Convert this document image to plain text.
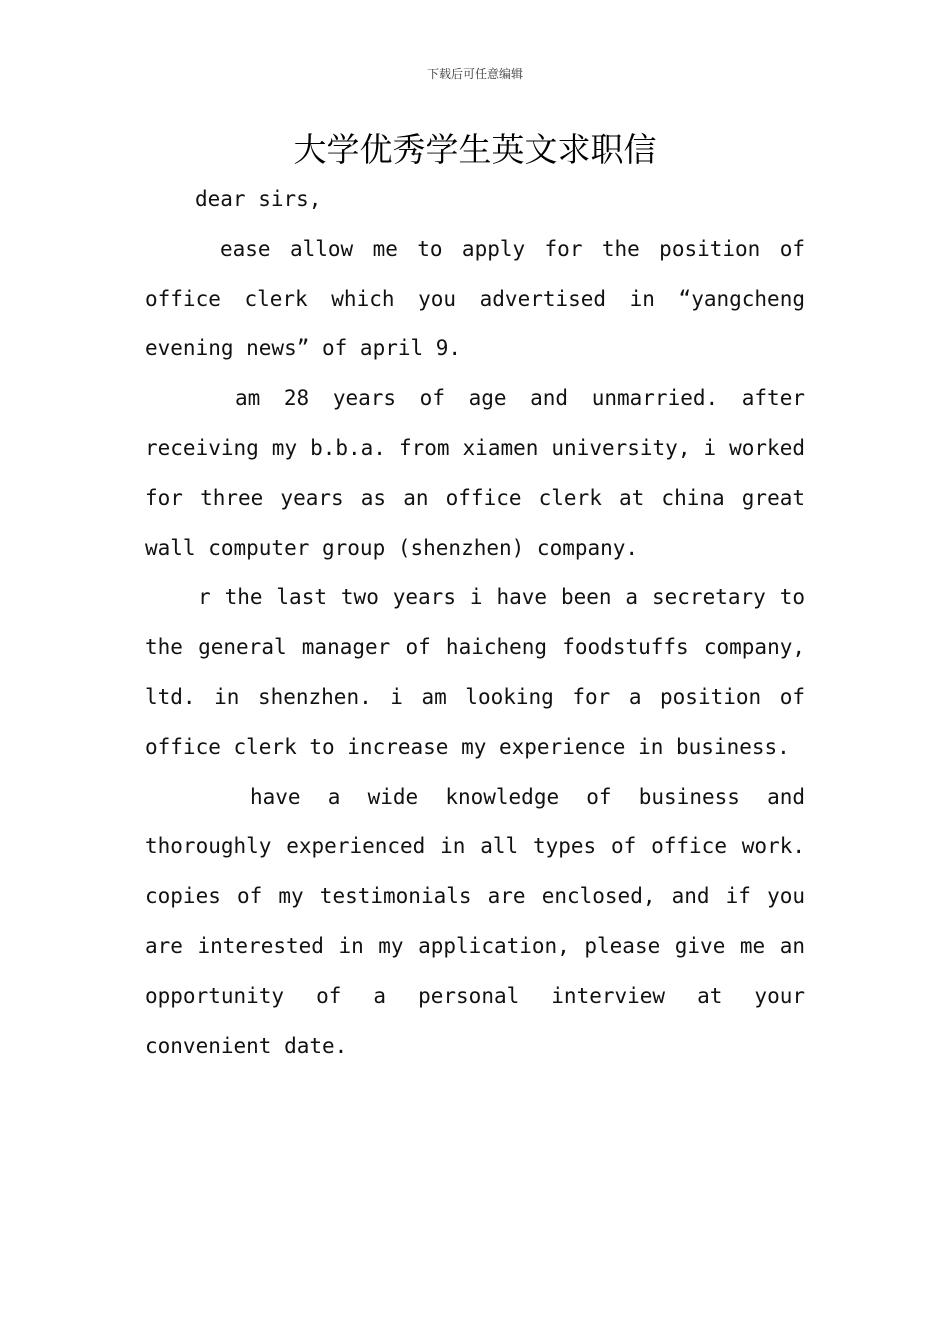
下载后可任意编辑
大学优秀学生英文求职信

dear sirs,

ease allow me to apply for the position of office clerk which you advertised in “yangcheng evening news” of april 9.

am 28 years of age and unmarried. after receiving my b.b.a. from xiamen university, i worked for three years as an office clerk at china great wall computer group (shenzhen) company.

r the last two years i have been a secretary to the general manager of haicheng foodstuffs company, ltd. in shenzhen. i am looking for a position of office clerk to increase my experience in business.

have a wide knowledge of business and thoroughly experienced in all types of office work. copies of my testimonials are enclosed, and if you are interested in my application, please give me an opportunity of a personal interview at your convenient date.
